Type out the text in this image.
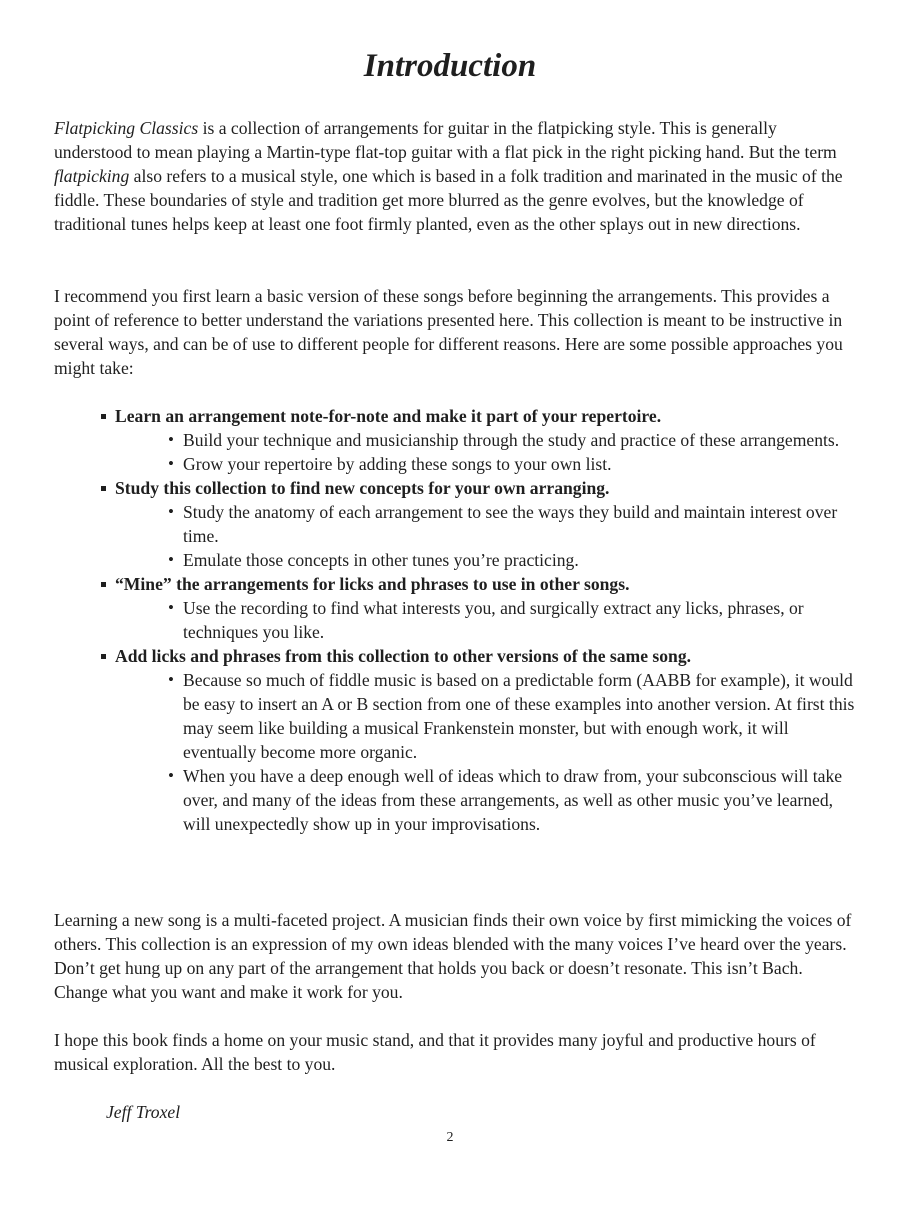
Introduction

Flatpicking Classics is a collection of arrangements for guitar in the flatpicking style. This is generally understood to mean playing a Martin-type flat-top guitar with a flat pick in the right picking hand. But the term flatpicking also refers to a musical style, one which is based in a folk tradition and marinated in the music of the fiddle. These boundaries of style and tradition get more blurred as the genre evolves, but the knowledge of traditional tunes helps keep at least one foot firmly planted, even as the other splays out in new directions.

I recommend you first learn a basic version of these songs before beginning the arrangements. This provides a point of reference to better understand the variations presented here. This collection is meant to be instructive in several ways, and can be of use to different people for different reasons. Here are some possible approaches you might take:

Learn an arrangement note-for-note and make it part of your repertoire.
• Build your technique and musicianship through the study and practice of these arrangements.
• Grow your repertoire by adding these songs to your own list.
Study this collection to find new concepts for your own arranging.
• Study the anatomy of each arrangement to see the ways they build and maintain interest over time.
• Emulate those concepts in other tunes you’re practicing.
“Mine” the arrangements for licks and phrases to use in other songs.
• Use the recording to find what interests you, and surgically extract any licks, phrases, or techniques you like.
Add licks and phrases from this collection to other versions of the same song.
• Because so much of fiddle music is based on a predictable form (AABB for example), it would be easy to insert an A or B section from one of these examples into another version. At first this may seem like building a musical Frankenstein monster, but with enough work, it will eventually become more organic.
• When you have a deep enough well of ideas which to draw from, your subconscious will take over, and many of the ideas from these arrangements, as well as other music you’ve learned, will unexpectedly show up in your improvisations.

Learning a new song is a multi-faceted project. A musician finds their own voice by first mimicking the voices of others. This collection is an expression of my own ideas blended with the many voices I’ve heard over the years. Don’t get hung up on any part of the arrangement that holds you back or doesn’t resonate. This isn’t Bach. Change what you want and make it work for you.

I hope this book finds a home on your music stand, and that it provides many joyful and productive hours of musical exploration. All the best to you.

Jeff Troxel

2
